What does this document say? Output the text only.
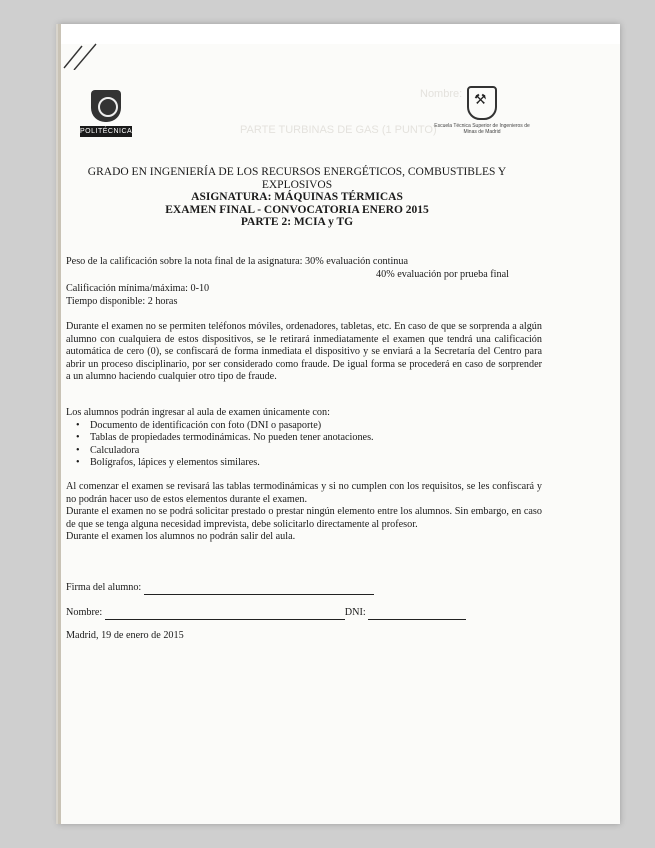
Nombre:
PARTE TURBINAS DE GAS (1 PUNTO)
POLITÉCNICA
⚒
Escuela Técnica Superior de Ingenieros de Minas de Madrid
GRADO EN INGENIERÍA DE LOS RECURSOS ENERGÉTICOS, COMBUSTIBLES Y
EXPLOSIVOS
ASIGNATURA: MÁQUINAS TÉRMICAS
EXAMEN FINAL - CONVOCATORIA ENERO 2015
PARTE 2: MCIA y TG
Peso de la calificación sobre la nota final de la asignatura: 30% evaluación continua
40% evaluación por prueba final
Calificación mínima/máxima: 0-10
Tiempo disponible: 2 horas
Durante el examen no se permiten teléfonos móviles, ordenadores, tabletas, etc. En caso de que se sorprenda a algún alumno con cualquiera de estos dispositivos, se le retirará inmediatamente el examen que tendrá una calificación automática de cero (0), se confiscará de forma inmediata el dispositivo y se enviará a la Secretaría del Centro para abrir un proceso disciplinario, por ser considerado como fraude. De igual forma se procederá en caso de sorprender a un alumno haciendo cualquier otro tipo de fraude.
Los alumnos podrán ingresar al aula de examen únicamente con:
• Documento de identificación con foto (DNI o pasaporte)
• Tablas de propiedades termodinámicas. No pueden tener anotaciones.
• Calculadora
• Bolígrafos, lápices y elementos similares.
Al comenzar el examen se revisará las tablas termodinámicas y si no cumplen con los requisitos, se les confiscará y no podrán hacer uso de estos elementos durante el examen.
Durante el examen no se podrá solicitar prestado o prestar ningún elemento entre los alumnos. Sin embargo, en caso de que se tenga alguna necesidad imprevista, debe solicitarlo directamente al profesor.
Durante el examen los alumnos no podrán salir del aula.
Firma del alumno:
Nombre:	DNI:
Madrid, 19 de enero de 2015
